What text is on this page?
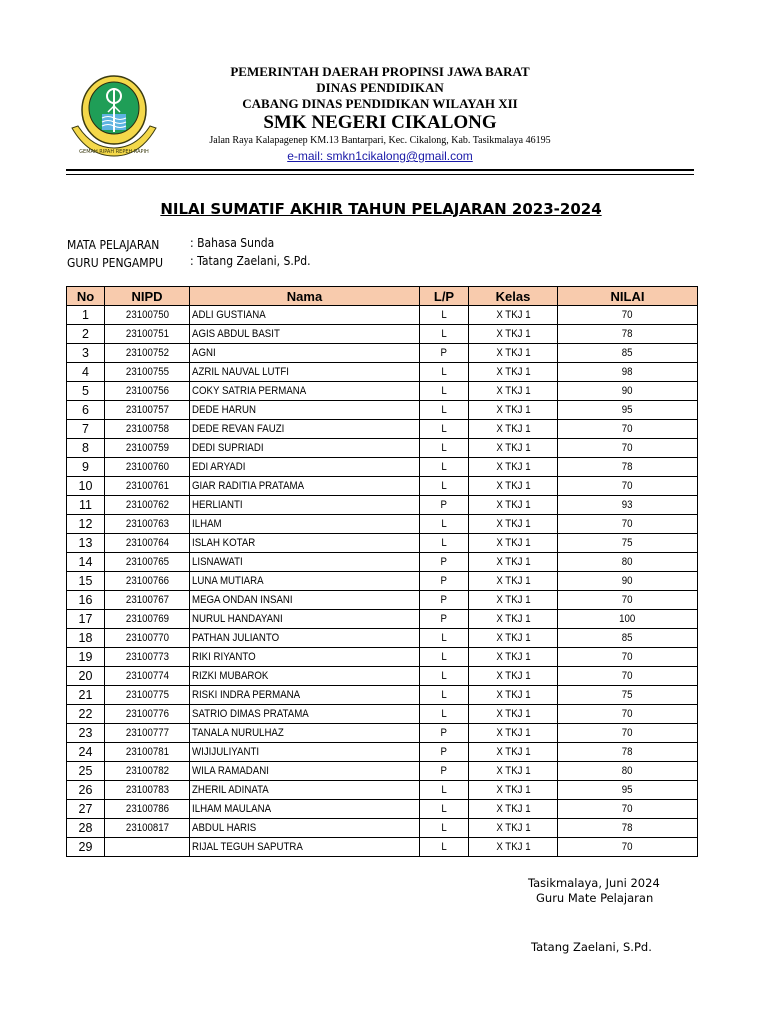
GEMAH RIPAH REPEH RAPIH
PEMERINTAH DAERAH PROPINSI JAWA BARAT
DINAS PENDIDIKAN
CABANG DINAS PENDIDIKAN WILAYAH XII
SMK NEGERI CIKALONG
Jalan Raya Kalapagenep KM.13 Bantarpari, Kec. Cikalong, Kab. Tasikmalaya 46195
e-mail: smkn1cikalong@gmail.com
NILAI SUMATIF AKHIR TAHUN PELAJARAN 2023-2024
MATA PELAJARAN	: Bahasa Sunda
GURU PENGAMPU : Tatang Zaelani, S.Pd.
No	NIPD	Nama	L/P	Kelas	NILAI
1	23100750	ADLI GUSTIANA	L	X TKJ 1	70
2	23100751	AGIS ABDUL BASIT	L	X TKJ 1	78
3	23100752	AGNI	P	X TKJ 1	85
4	23100755	AZRIL NAUVAL LUTFI	L	X TKJ 1	98
5	23100756	COKY SATRIA PERMANA	L	X TKJ 1	90
6	23100757	DEDE HARUN	L	X TKJ 1	95
7	23100758	DEDE REVAN FAUZI	L	X TKJ 1	70
8	23100759	DEDI SUPRIADI	L	X TKJ 1	70
9	23100760	EDI ARYADI	L	X TKJ 1	78
10	23100761	GIAR RADITIA PRATAMA	L	X TKJ 1	70
11	23100762	HERLIANTI	P	X TKJ 1	93
12	23100763	ILHAM	L	X TKJ 1	70
13	23100764	ISLAH KOTAR	L	X TKJ 1	75
14	23100765	LISNAWATI	P	X TKJ 1	80
15	23100766	LUNA MUTIARA	P	X TKJ 1	90
16	23100767	MEGA ONDAN INSANI	P	X TKJ 1	70
17	23100769	NURUL HANDAYANI	P	X TKJ 1	100
18	23100770	PATHAN JULIANTO	L	X TKJ 1	85
19	23100773	RIKI RIYANTO	L	X TKJ 1	70
20	23100774	RIZKI MUBAROK	L	X TKJ 1	70
21	23100775	RISKI INDRA PERMANA	L	X TKJ 1	75
22	23100776	SATRIO DIMAS PRATAMA	L	X TKJ 1	70
23	23100777	TANALA NURULHAZ	P	X TKJ 1	70
24	23100781	WIJIJULIYANTI	P	X TKJ 1	78
25	23100782	WILA RAMADANI	P	X TKJ 1	80
26	23100783	ZHERIL ADINATA	L	X TKJ 1	95
27	23100786	ILHAM MAULANA	L	X TKJ 1	70
28	23100817	ABDUL HARIS	L	X TKJ 1	78
29		RIJAL TEGUH SAPUTRA	L	X TKJ 1	70
Tasikmalaya, Juni 2024
Guru Mate Pelajaran
Tatang Zaelani, S.Pd.
